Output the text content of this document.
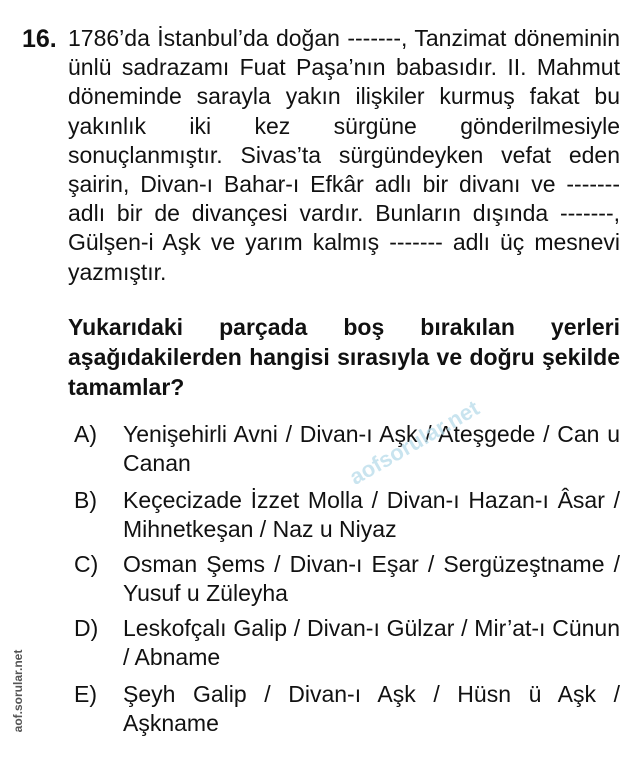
16. 1786’da İstanbul’da doğan -------, Tanzimat döneminin ünlü sadrazamı Fuat Paşa’nın babasıdır. II. Mahmut döneminde sarayla yakın ilişkiler kurmuş fakat bu yakınlık iki kez sürgüne gönderilmesiyle sonuçlanmıştır. Sivas’ta sürgündeyken vefat eden şairin, Divan-ı Bahar-ı Efkâr adlı bir divanı ve ------- adlı bir de divançesi vardır. Bunların dışında -------, Gülşen-i Aşk ve yarım kalmış ------- adlı üç mesnevi yazmıştır.
Yukarıdaki parçada boş bırakılan yerleri aşağıdakilerden hangisi sırasıyla ve doğru şekilde tamamlar?
A) Yenişehirli Avni / Divan-ı Aşk / Ateşgede / Can u Canan
B) Keçecizade İzzet Molla / Divan-ı Hazan-ı Âsar / Mihnetkeşan / Naz u Niyaz
C) Osman Şems / Divan-ı Eşar / Sergüzeştname / Yusuf u Züleyha
D) Leskofçalı Galip / Divan-ı Gülzar / Mir’at-ı Cünun / Abname
E) Şeyh Galip / Divan-ı Aşk / Hüsn ü Aşk / Aşkname
aofsorular.net
aof.sorular.net
